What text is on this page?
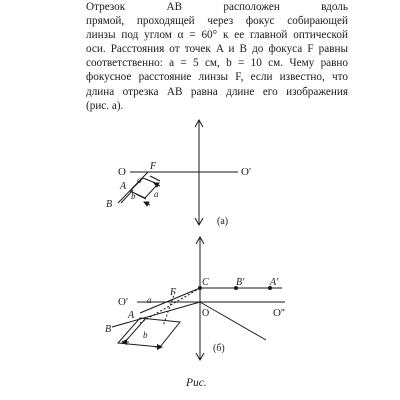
Отрезок AB расположен вдоль
прямой, проходящей через фокус собирающей
линзы под углом α = 60° к ее главной оптической
оси. Расстояния от точек A и B до фокуса F равны
соответственно: a = 5 см, b = 10 см. Чему равно
фокусное расстояние линзы F, если известно, что
длина отрезка AB равна длине его изображения
(рис. а).

O	O'
F
A
B
a
b a
(a)
O'
O''
O
C	B'	A'
F
A
B
a
b
(б)

Рис.
